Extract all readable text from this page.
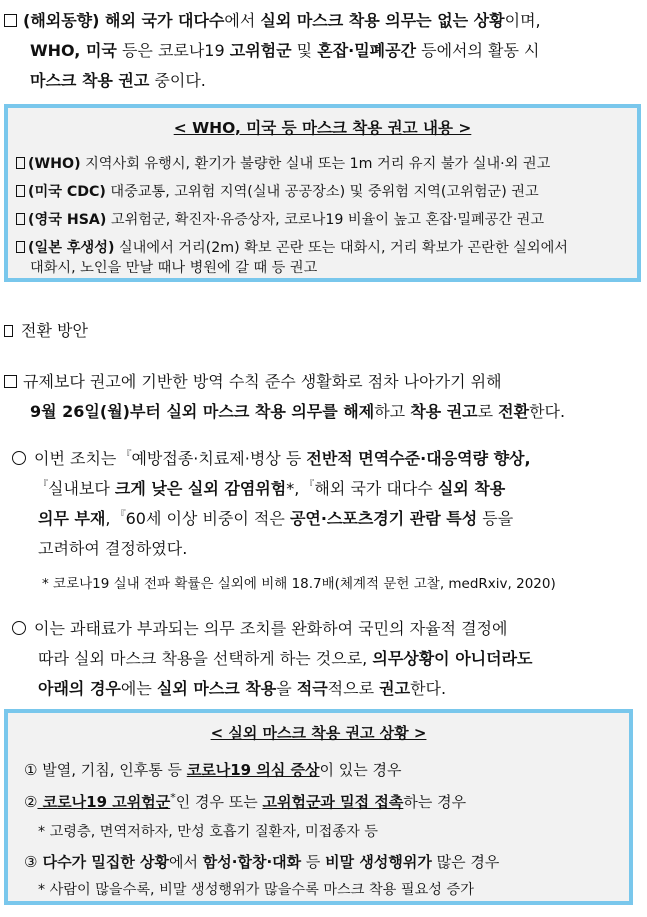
(해외동향) 해외 국가 대다수에서 실외 마스크 착용 의무는 없는 상황이며,
WHO, 미국 등은 코로나19 고위험군 및 혼잡·밀폐공간 등에서의 활동 시
마스크 착용 권고 중이다.
< WHO, 미국 등 마스크 착용 권고 내용 >
(WHO) 지역사회 유행시, 환기가 불량한 실내 또는 1m 거리 유지 불가 실내·외 권고
(미국 CDC) 대중교통, 고위험 지역(실내 공공장소) 및 중위험 지역(고위험군) 권고
(영국 HSA) 고위험군, 확진자·유증상자, 코로나19 비율이 높고 혼잡·밀폐공간 권고
(일본 후생성) 실내에서 거리(2m) 확보 곤란 또는 대화시, 거리 확보가 곤란한 실외에서
대화시, 노인을 만날 때나 병원에 갈 때 등 권고
전환 방안
규제보다 권고에 기반한 방역 수칙 준수 생활화로 점차 나아가기 위해
9월 26일(월)부터 실외 마스크 착용 의무를 해제하고 착용 권고로 전환한다.
이번 조치는 『예방접종·치료제·병상 등 전반적 면역수준·대응역량 향상,
『실내보다 크게 낮은 실외 감염위험*, 『해외 국가 대다수 실외 착용
의무 부재, 『60세 이상 비중이 적은 공연·스포츠경기 관람 특성 등을
고려하여 결정하였다.
* 코로나19 실내 전파 확률은 실외에 비해 18.7배(체계적 문헌 고찰, medRxiv, 2020)
이는 과태료가 부과되는 의무 조치를 완화하여 국민의 자율적 결정에
따라 실외 마스크 착용을 선택하게 하는 것으로, 의무상황이 아니더라도
아래의 경우에는 실외 마스크 착용을 적극적으로 권고한다.
< 실외 마스크 착용 권고 상황 >
① 발열, 기침, 인후통 등 코로나19 의심 증상이 있는 경우
② 코로나19 고위험군*인 경우 또는 고위험군과 밀접 접촉하는 경우
* 고령층, 면역저하자, 만성 호흡기 질환자, 미접종자 등
③ 다수가 밀집한 상황에서 함성·합창·대화 등 비말 생성행위가 많은 경우
* 사람이 많을수록, 비말 생성행위가 많을수록 마스크 착용 필요성 증가
